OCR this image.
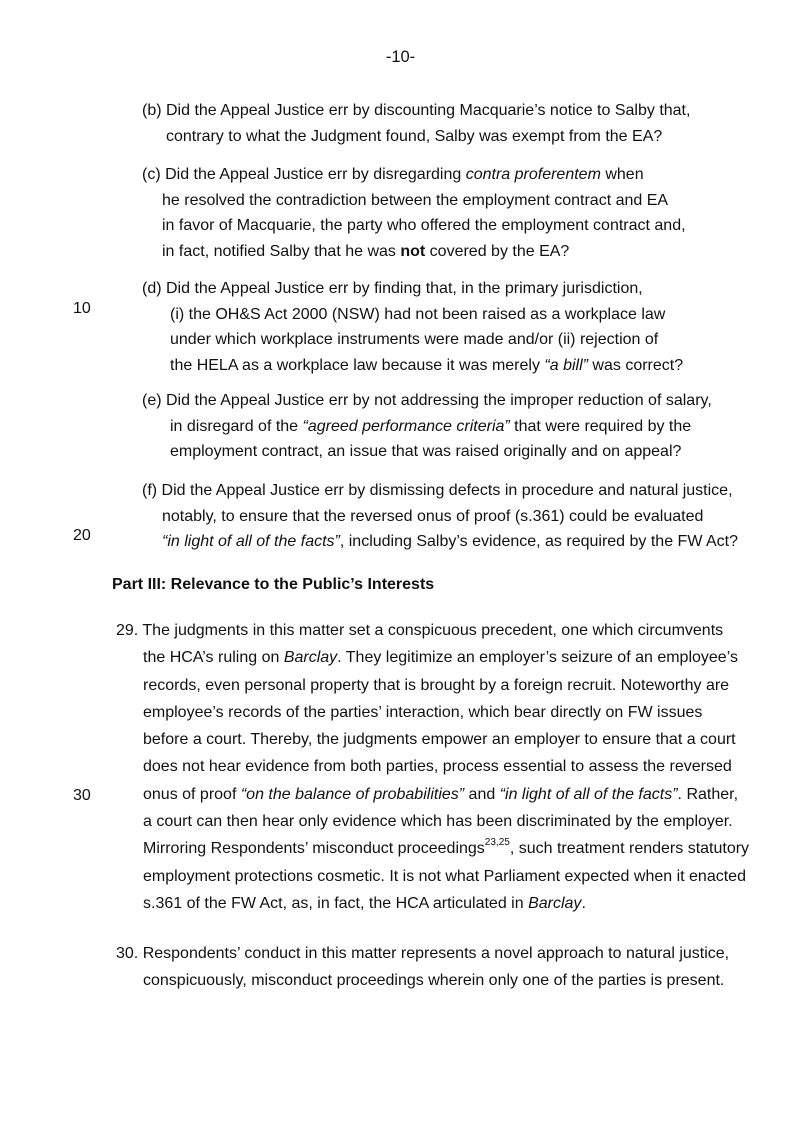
-10-
(b) Did the Appeal Justice err by discounting Macquarie’s notice to Salby that,
contrary to what the Judgment found, Salby was exempt from the EA?
(c) Did the Appeal Justice err by disregarding contra proferentem when
he resolved the contradiction between the employment contract and EA
in favor of Macquarie, the party who offered the employment contract and,
in fact, notified Salby that he was not covered by the EA?
(d) Did the Appeal Justice err by finding that, in the primary jurisdiction,
(i) the OH&S Act 2000 (NSW) had not been raised as a workplace law
under which workplace instruments were made and/or (ii) rejection of
the HELA as a workplace law because it was merely “a bill” was correct?
(e) Did the Appeal Justice err by not addressing the improper reduction of salary,
in disregard of the “agreed performance criteria” that were required by the
employment contract, an issue that was raised originally and on appeal?
(f) Did the Appeal Justice err by dismissing defects in procedure and natural justice,
notably, to ensure that the reversed onus of proof (s.361) could be evaluated
“in light of all of the facts”, including Salby’s evidence, as required by the FW Act?
10
20
30
Part III: Relevance to the Public’s Interests
29. The judgments in this matter set a conspicuous precedent, one which circumvents
the HCA’s ruling on Barclay. They legitimize an employer’s seizure of an employee’s
records, even personal property that is brought by a foreign recruit. Noteworthy are
employee’s records of the parties’ interaction, which bear directly on FW issues
before a court. Thereby, the judgments empower an employer to ensure that a court
does not hear evidence from both parties, process essential to assess the reversed
onus of proof “on the balance of probabilities” and “in light of all of the facts”. Rather,
a court can then hear only evidence which has been discriminated by the employer.
Mirroring Respondents’ misconduct proceedings$^{23,25}$, such treatment renders statutory
employment protections cosmetic. It is not what Parliament expected when it enacted
s.361 of the FW Act, as, in fact, the HCA articulated in Barclay.
30. Respondents’ conduct in this matter represents a novel approach to natural justice,
conspicuously, misconduct proceedings wherein only one of the parties is present.
